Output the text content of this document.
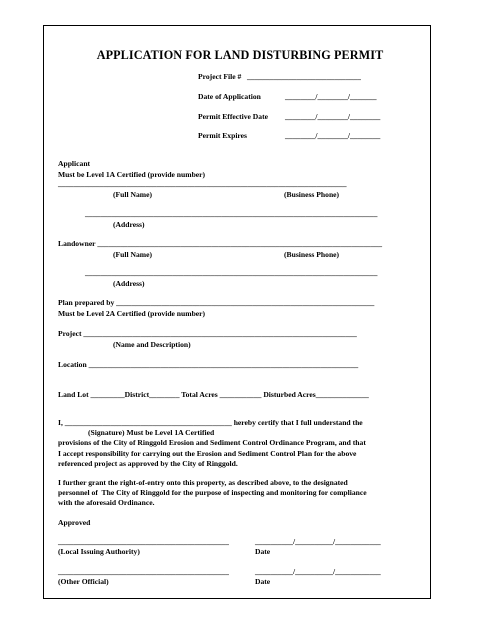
APPLICATION FOR LAND DISTURBING PERMIT
Project File #   ______________________________
Date of Application	________/________/_______
Permit Effective Date ________/________/________
Permit Expires	________/________/________
Applicant
Must be Level 1A Certified (provide number)
____________________________________________________________________________
(Full Name)	(Business Phone)
_____________________________________________________________________________
(Address)
Landowner ___________________________________________________________________________
(Full Name)	(Business Phone)
_____________________________________________________________________________
(Address)
Plan prepared by ____________________________________________________________________
Must be Level 2A Certified (provide number)
Project ________________________________________________________________________
(Name and Description)
Location _______________________________________________________________________
Land Lot _________District________ Total Acres ___________ Disturbed Acres______________
I, ____________________________________________ hereby certify that I full understand the
(Signature) Must be Level 1A Certified
provisions of the City of Ringgold Erosion and Sediment Control Ordinance Program, and that
I accept responsibility for carrying out the Erosion and Sediment Control Plan for the above
referenced project as approved by the City of Ringgold.
I further grant the right-of-entry onto this property, as described above, to the designated
personnel of  The City of Ringgold for the purpose of inspecting and monitoring for compliance
with the aforesaid Ordinance.
Approved
_____________________________________________	__________/__________/____________
(Local Issuing Authority)	Date
_____________________________________________	__________/__________/____________
(Other Official)	Date
